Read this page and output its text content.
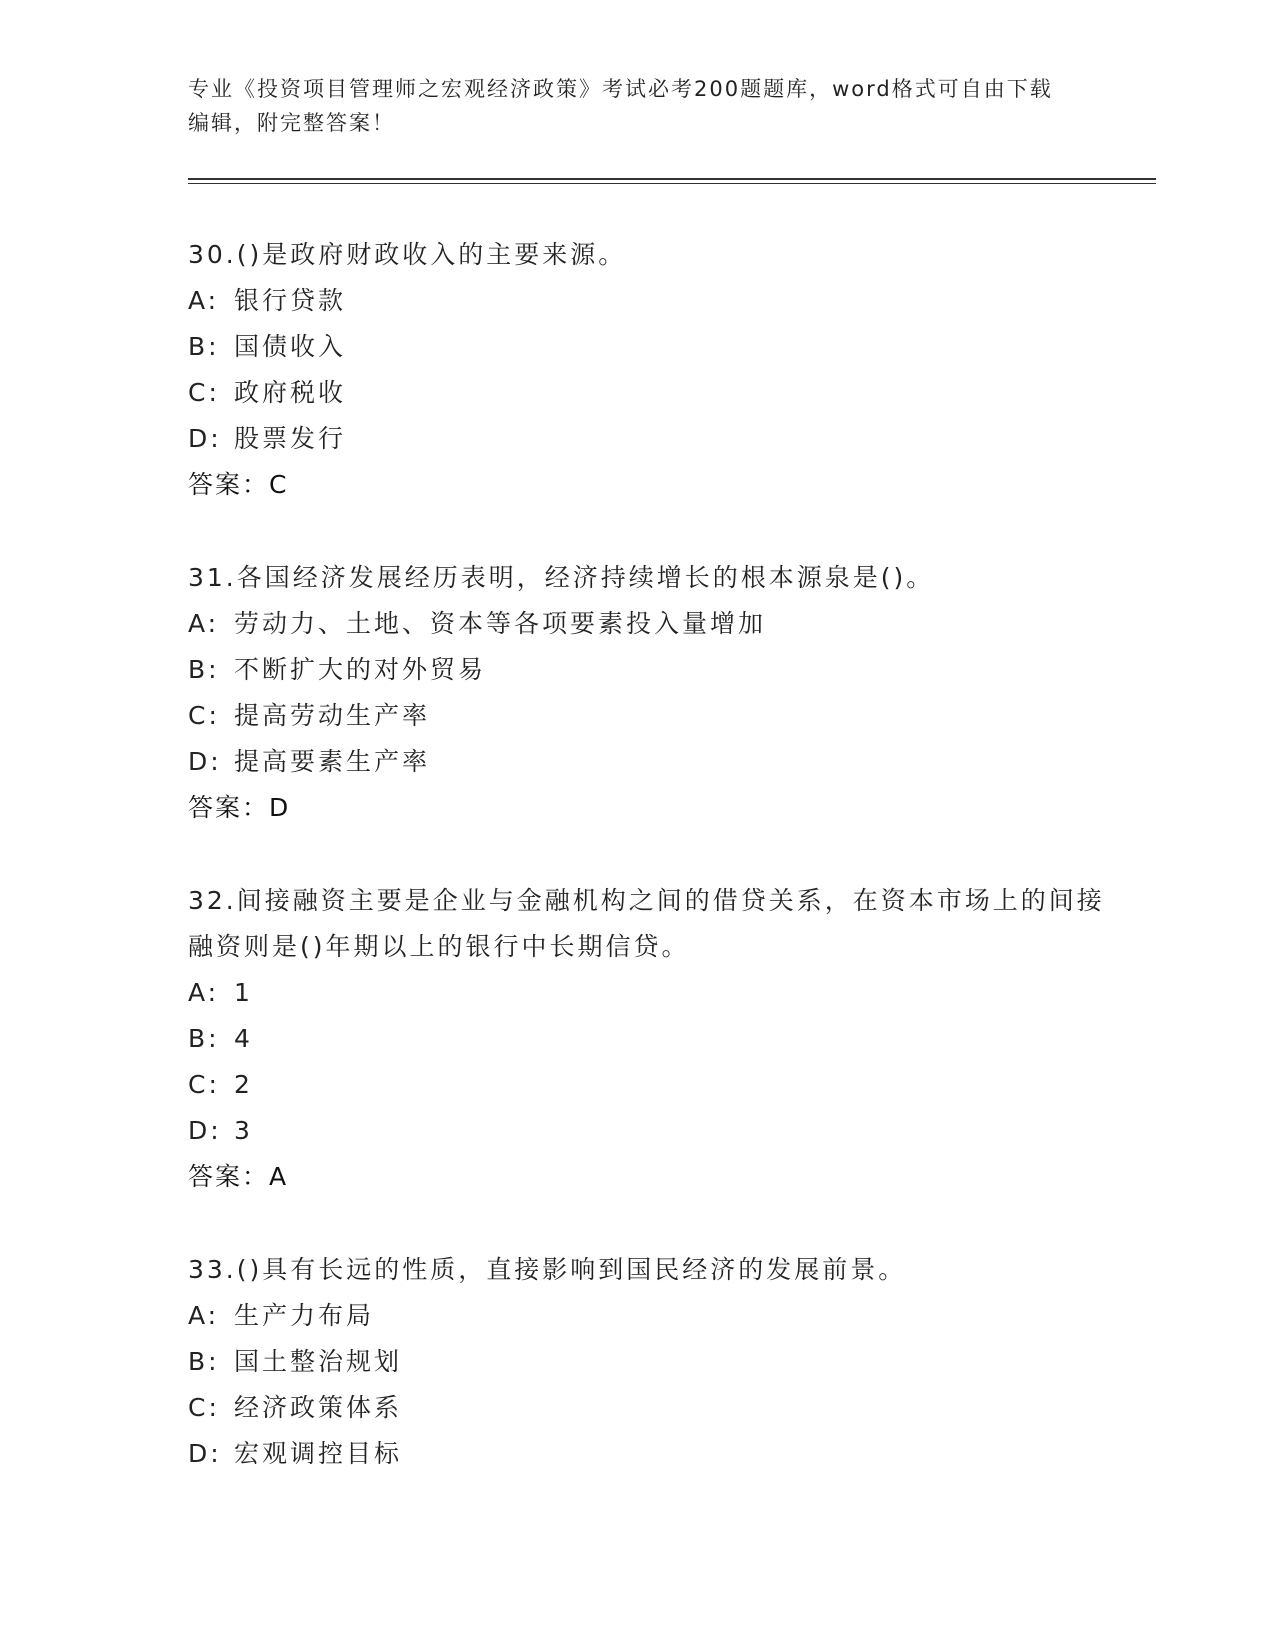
专业《投资项目管理师之宏观经济政策》考试必考200题题库，word格式可自由下载编辑，附完整答案！

30.()是政府财政收入的主要来源。

A: 银行贷款

B: 国债收入

C: 政府税收

D: 股票发行

答案：C

31.各国经济发展经历表明，经济持续增长的根本源泉是()。

A: 劳动力、土地、资本等各项要素投入量增加

B: 不断扩大的对外贸易

C: 提高劳动生产率

D: 提高要素生产率

答案：D

32.间接融资主要是企业与金融机构之间的借贷关系，在资本市场上的间接融资则是()年期以上的银行中长期信贷。

A: 1

B: 4

C: 2

D: 3

答案：A

33.()具有长远的性质，直接影响到国民经济的发展前景。

A: 生产力布局

B: 国土整治规划

C: 经济政策体系

D: 宏观调控目标
